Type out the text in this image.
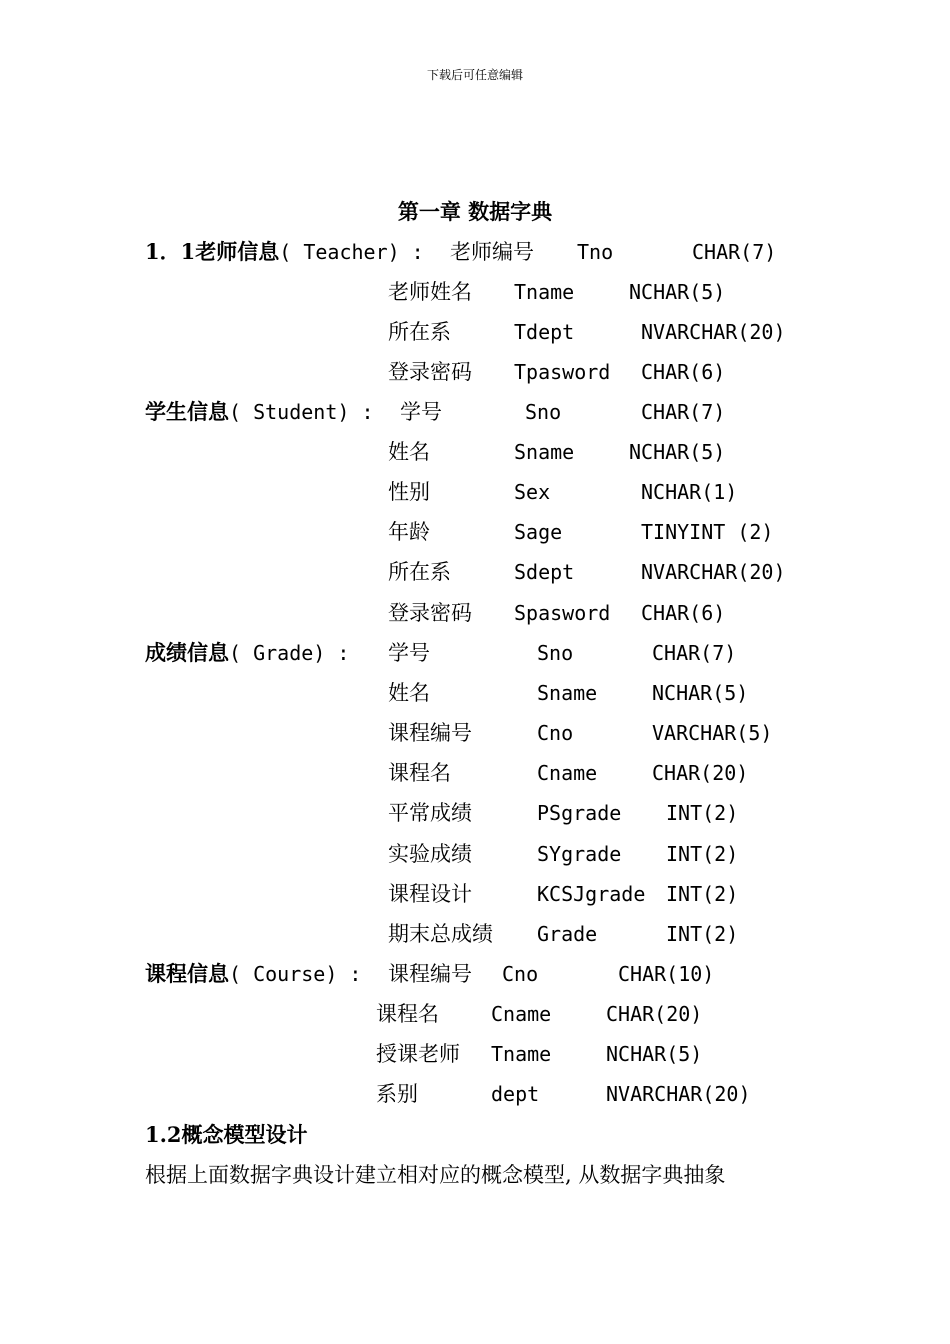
下载后可任意编辑
第一章 数据字典
1．1老师信息( Teacher) : 老师编号 Tno	CHAR(7)
老师姓名 Tname	NCHAR(5)
所在系	Tdept	NVARCHAR(20)
登录密码 Tpasword CHAR(6)
学生信息( Student) : 学号	Sno	CHAR(7)
姓名	Sname	NCHAR(5)
性别	Sex	NCHAR(1)
年龄	Sage	TINYINT (2)
所在系	Sdept	NVARCHAR(20)
登录密码 Spasword CHAR(6)
成绩信息( Grade) : 学号	Sno	CHAR(7)
姓名	Sname	NCHAR(5)
课程编号	Cno	VARCHAR(5)
课程名	Cname	CHAR(20)
平常成绩	PSgrade INT(2)
实验成绩	SYgrade INT(2)
课程设计	KCSJgrade INT(2)
期末总成绩 Grade	INT(2)
课程信息( Course) : 课程编号 Cno	CHAR(10)
课程名	Cname	CHAR(20)
授课老师 Tname	NCHAR(5)
系别	dept	NVARCHAR(20)
1.2概念模型设计
根据上面数据字典设计建立相对应的概念模型, 从数据字典抽象
